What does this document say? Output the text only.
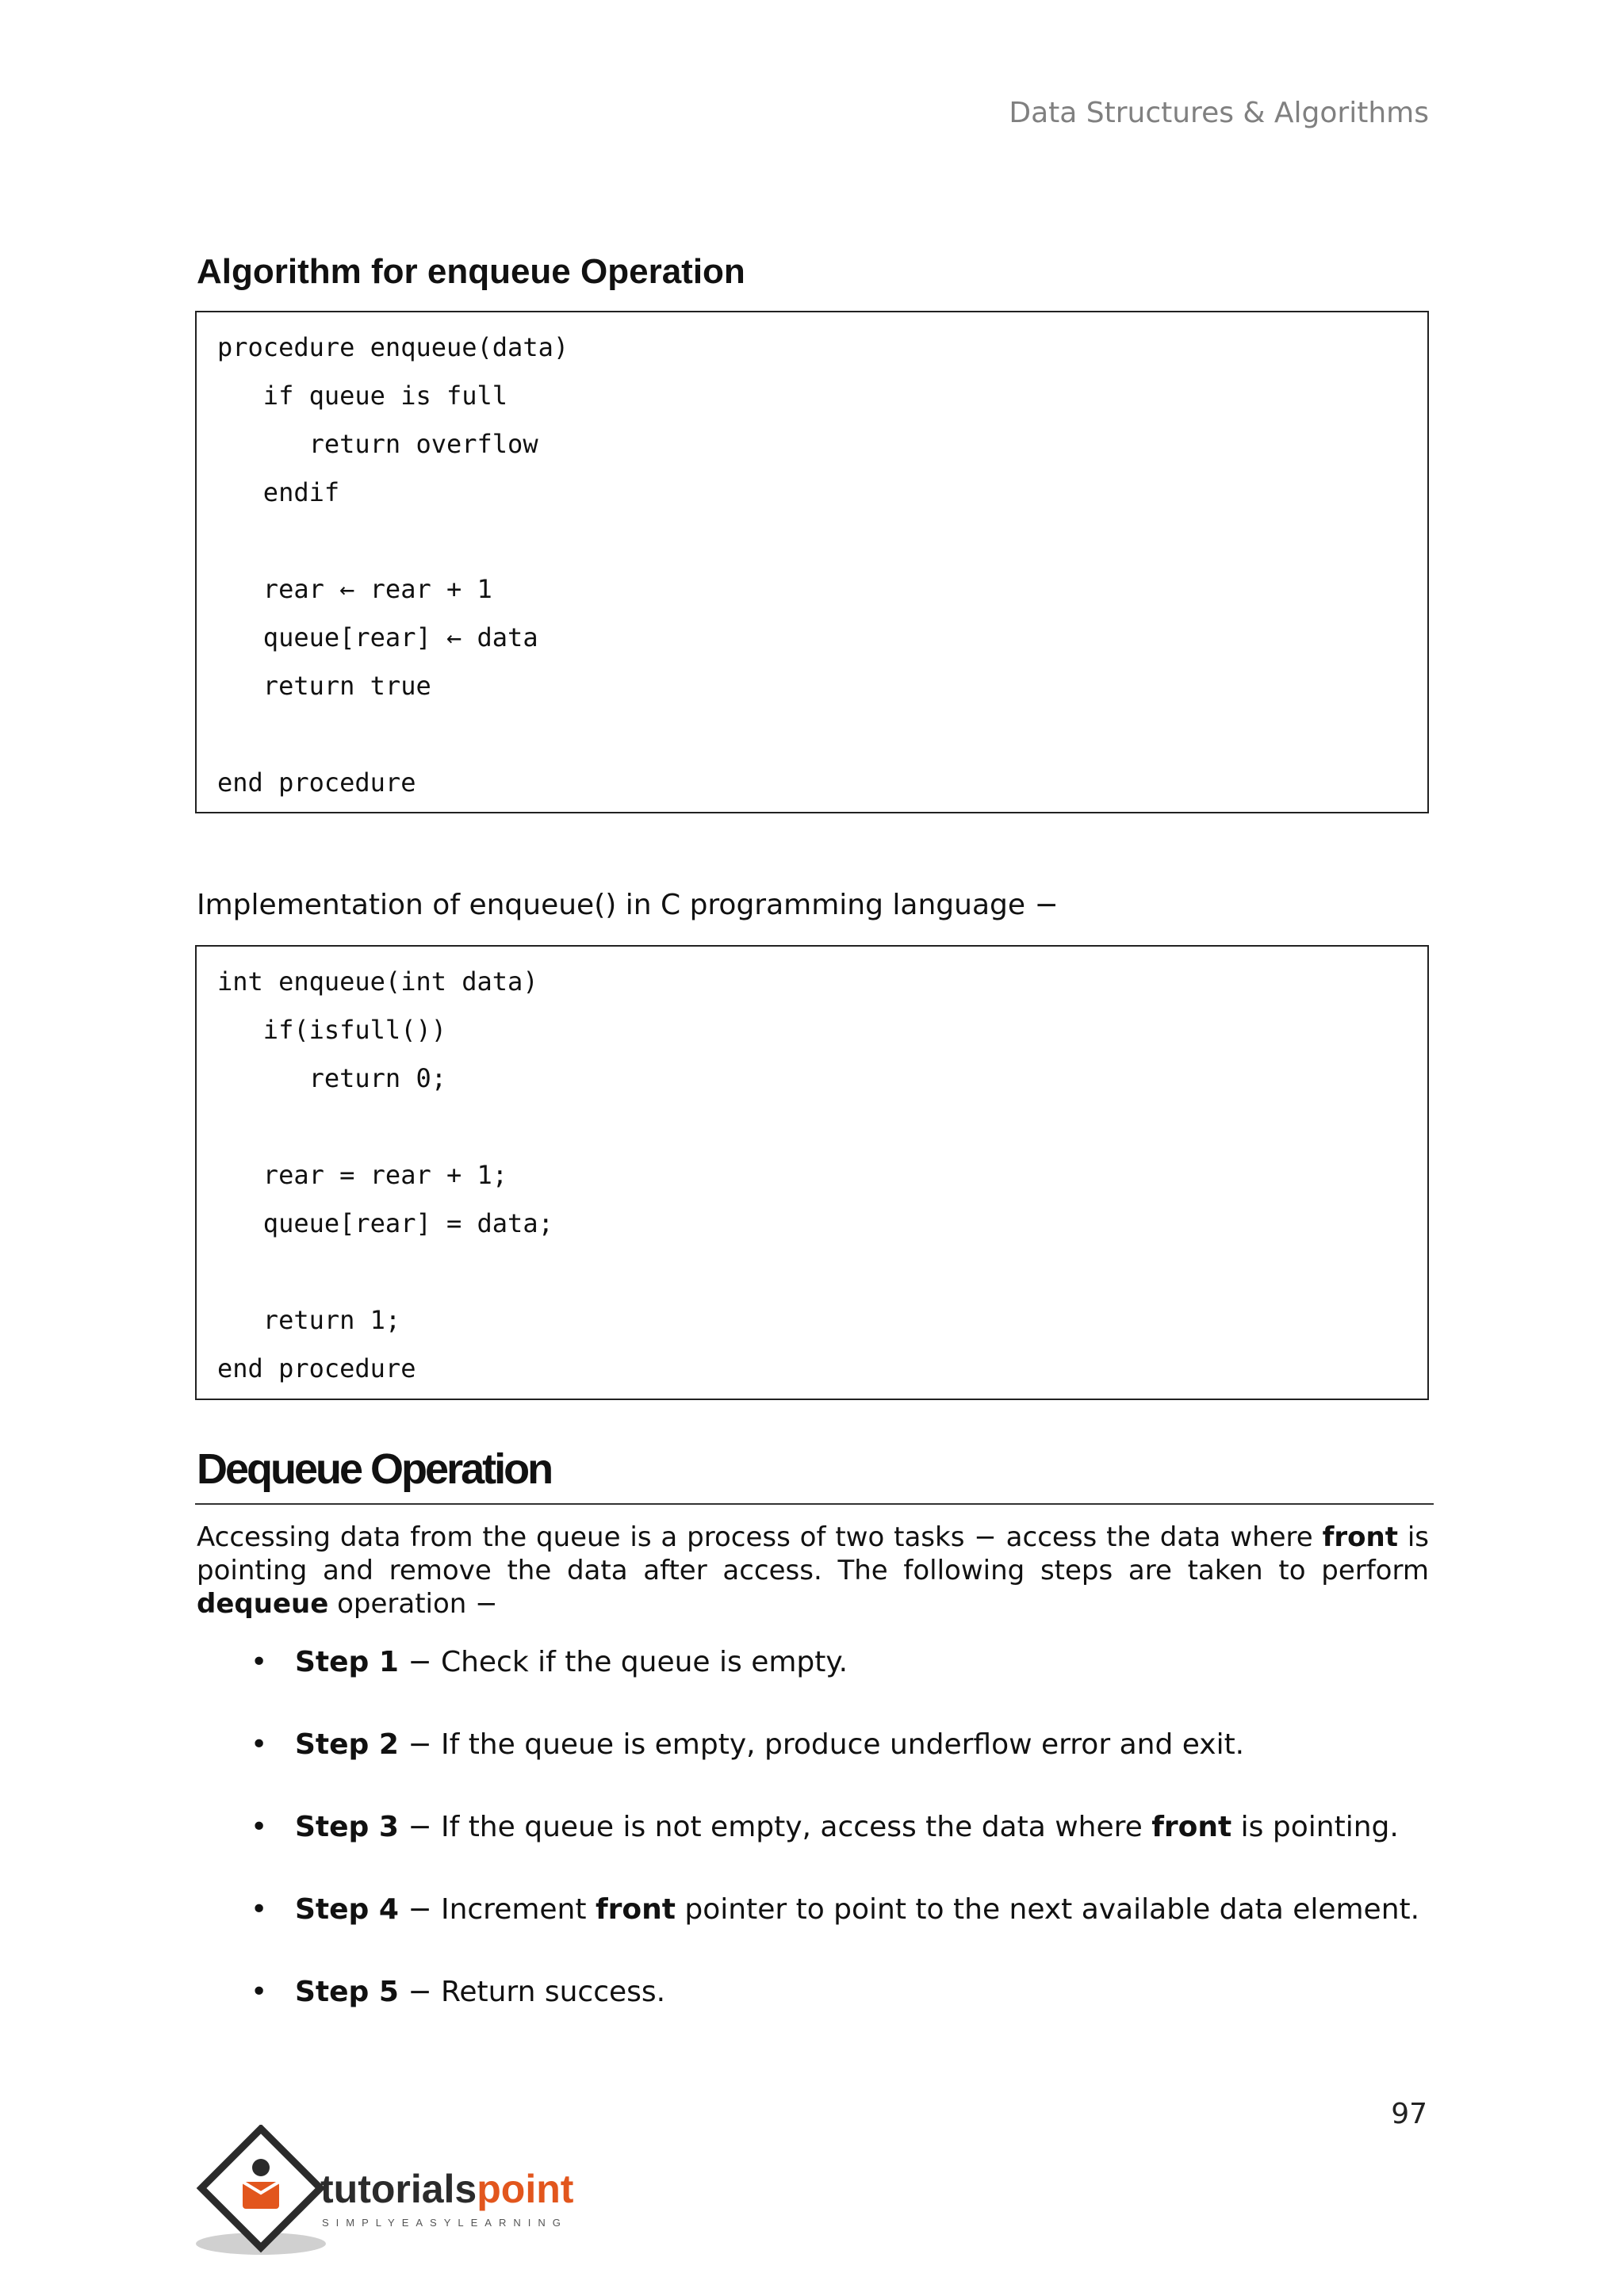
Data Structures & Algorithms
Algorithm for enqueue Operation
procedure enqueue(data)
if queue is full
return overflow
endif
rear ← rear + 1
queue[rear] ← data
return true
end procedure
Implementation of enqueue() in C programming language −
int enqueue(int data)
if(isfull())
return 0;
rear = rear + 1;
queue[rear] = data;
return 1;
end procedure
Dequeue Operation

Accessing data from the queue is a process of two tasks − access the data where front is pointing and remove the data after access. The following steps are taken to perform dequeue operation −

• Step 1 − Check if the queue is empty.
• Step 2 − If the queue is empty, produce underflow error and exit.
• Step 3 − If the queue is not empty, access the data where front is pointing.
• Step 4 − Increment front pointer to point to the next available data element.
• Step 5 − Return success.
97
tutorialspoint
SIMPLYEASYLEARNING
